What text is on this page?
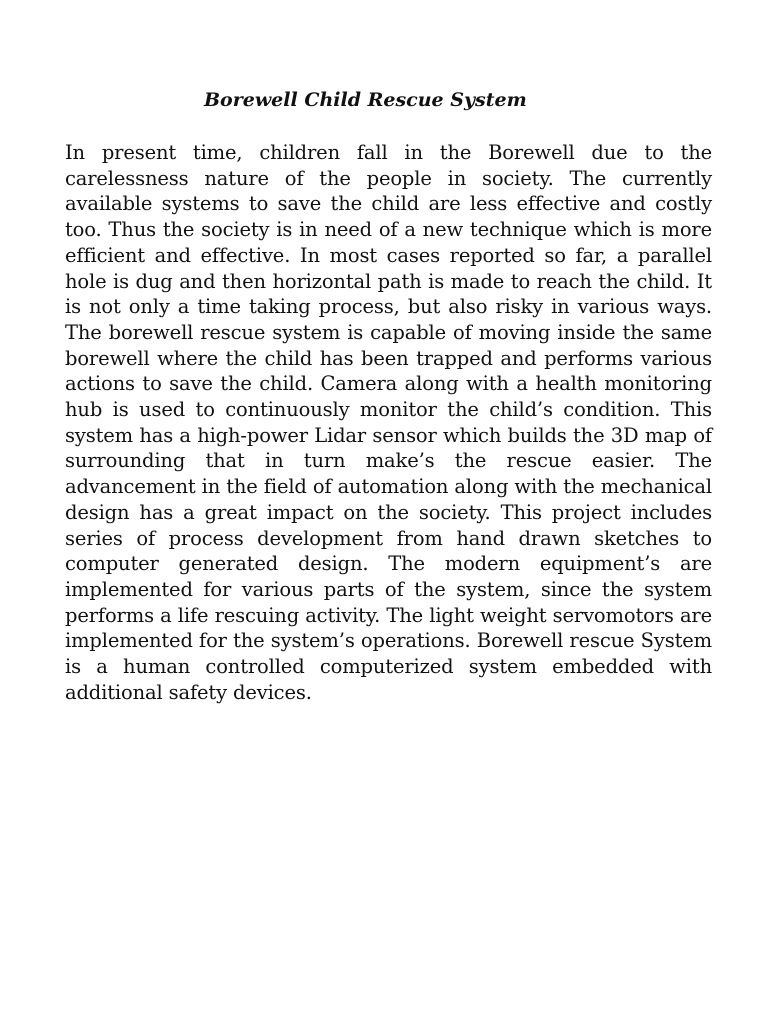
Borewell Child Rescue System

In present time, children fall in the Borewell due to the carelessness nature of the people in society. The currently available systems to save the child are less effective and costly too. Thus the society is in need of a new technique which is more efficient and effective. In most cases reported so far, a parallel hole is dug and then horizontal path is made to reach the child. It is not only a time taking process, but also risky in various ways. The borewell rescue system is capable of moving inside the same borewell where the child has been trapped and performs various actions to save the child. Camera along with a health monitoring hub is used to continuously monitor the child’s condition. This system has a high-power Lidar sensor which builds the 3D map of surrounding that in turn make’s the rescue easier. The advancement in the field of automation along with the mechanical design has a great impact on the society. This project includes series of process development from hand drawn sketches to computer generated design. The modern equipment’s are implemented for various parts of the system, since the system performs a life rescuing activity. The light weight servomotors are implemented for the system’s operations. Borewell rescue System is a human controlled computerized system embedded with additional safety devices.
